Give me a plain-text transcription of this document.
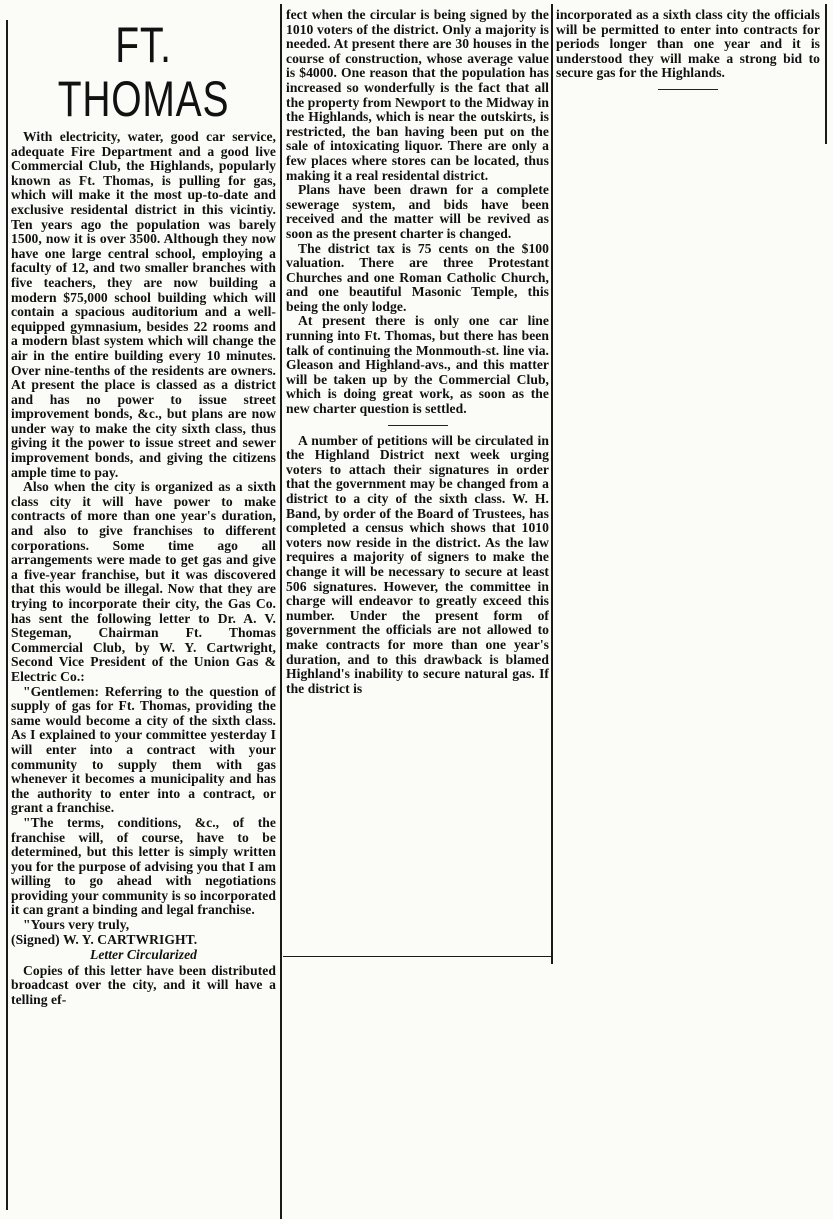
FT. THOMAS

With electricity, water, good car service, adequate Fire Department and a good live Commercial Club, the Highlands, popularly known as Ft. Thomas, is pulling for gas, which will make it the most up-to-date and exclusive residental district in this vicintiy. Ten years ago the population was barely 1500, now it is over 3500. Although they now have one large central school, employing a faculty of 12, and two smaller branches with five teachers, they are now building a modern $75,000 school building which will contain a spacious auditorium and a well-equipped gymnasium, besides 22 rooms and a modern blast system which will change the air in the entire building every 10 minutes. Over nine-tenths of the residents are owners. At present the place is classed as a district and has no power to issue street improvement bonds, &c., but plans are now under way to make the city sixth class, thus giving it the power to issue street and sewer improvement bonds, and giving the citizens ample time to pay.

Also when the city is organized as a sixth class city it will have power to make contracts of more than one year's duration, and also to give franchises to different corporations. Some time ago all arrangements were made to get gas and give a five-year franchise, but it was discovered that this would be illegal. Now that they are trying to incorporate their city, the Gas Co. has sent the following letter to Dr. A. V. Stegeman, Chairman Ft. Thomas Commercial Club, by W. Y. Cartwright, Second Vice President of the Union Gas & Electric Co.:

"Gentlemen: Referring to the question of supply of gas for Ft. Thomas, providing the same would become a city of the sixth class. As I explained to your committee yesterday I will enter into a contract with your community to supply them with gas whenever it becomes a municipality and has the authority to enter into a contract, or grant a franchise.

"The terms, conditions, &c., of the franchise will, of course, have to be determined, but this letter is simply written you for the purpose of advising you that I am willing to go ahead with negotiations providing your community is so incorporated it can grant a binding and legal franchise.

"Yours very truly,

(Signed) W. Y. CARTWRIGHT.

Letter Circularized

Copies of this letter have been distributed broadcast over the city, and it will have a telling ef-

fect when the circular is being signed by the 1010 voters of the district. Only a majority is needed. At present there are 30 houses in the course of construction, whose average value is $4000. One reason that the population has increased so wonderfully is the fact that all the property from Newport to the Midway in the Highlands, which is near the outskirts, is restricted, the ban having been put on the sale of intoxicating liquor. There are only a few places where stores can be located, thus making it a real residental district.

Plans have been drawn for a complete sewerage system, and bids have been received and the matter will be revived as soon as the present charter is changed.

The district tax is 75 cents on the $100 valuation. There are three Protestant Churches and one Roman Catholic Church, and one beautiful Masonic Temple, this being the only lodge.

At present there is only one car line running into Ft. Thomas, but there has been talk of continuing the Monmouth-st. line via. Gleason and Highland-avs., and this matter will be taken up by the Commercial Club, which is doing great work, as soon as the new charter question is settled.

A number of petitions will be circulated in the Highland District next week urging voters to attach their signatures in order that the government may be changed from a district to a city of the sixth class. W. H. Band, by order of the Board of Trustees, has completed a census which shows that 1010 voters now reside in the district. As the law requires a majority of signers to make the change it will be necessary to secure at least 506 signatures. However, the committee in charge will endeavor to greatly exceed this number. Under the present form of government the officials are not allowed to make contracts for more than one year's duration, and to this drawback is blamed Highland's inability to secure natural gas. If the district is

incorporated as a sixth class city the officials will be permitted to enter into contracts for periods longer than one year and it is understood they will make a strong bid to secure gas for the Highlands.
